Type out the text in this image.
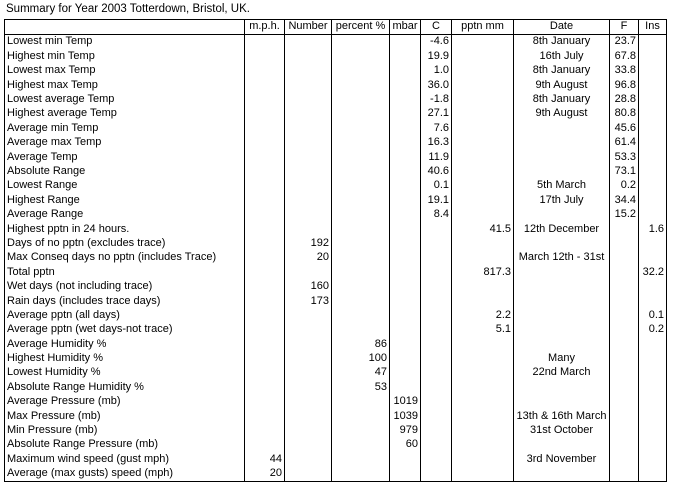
Summary for Year 2003 Totterdown, Bristol, UK.
	m.p.h.	Number	percent %	mbar	C	pptn mm	Date	F	Ins
Lowest min Temp					-4.6		8th January	23.7	
Highest min Temp					19.9		16th July	67.8	
Lowest max Temp					1.0		8th January	33.8	
Highest max Temp					36.0		9th August	96.8	
Lowest average Temp					-1.8		8th January	28.8	
Highest average Temp					27.1		9th August	80.8	
Average min Temp					7.6			45.6	
Average max Temp					16.3			61.4	
Average Temp					11.9			53.3	
Absolute Range					40.6			73.1	
Lowest Range					0.1		5th March	0.2	
Highest Range					19.1		17th July	34.4	
Average Range					8.4			15.2	
Highest pptn in 24 hours.						41.5	12th December		1.6
Days of no pptn (excludes trace)		192							
Max Conseq days no pptn (includes Trace)		20					March 12th - 31st		
Total pptn						817.3			32.2
Wet days (not including trace)		160							
Rain days (includes trace days)		173							
Average pptn (all days)						2.2			0.1
Average pptn (wet days-not trace)						5.1			0.2
Average Humidity %			86						
Highest Humidity %			100				Many		
Lowest Humidity %			47				22nd March		
Absolute Range Humidity %			53						
Average Pressure (mb)				1019					
Max Pressure (mb)				1039			13th & 16th March		
Min Pressure (mb)				979			31st October		
Absolute Range Pressure (mb)				60					
Maximum wind speed (gust mph)	44						3rd November		
Average (max gusts) speed (mph)	20								
